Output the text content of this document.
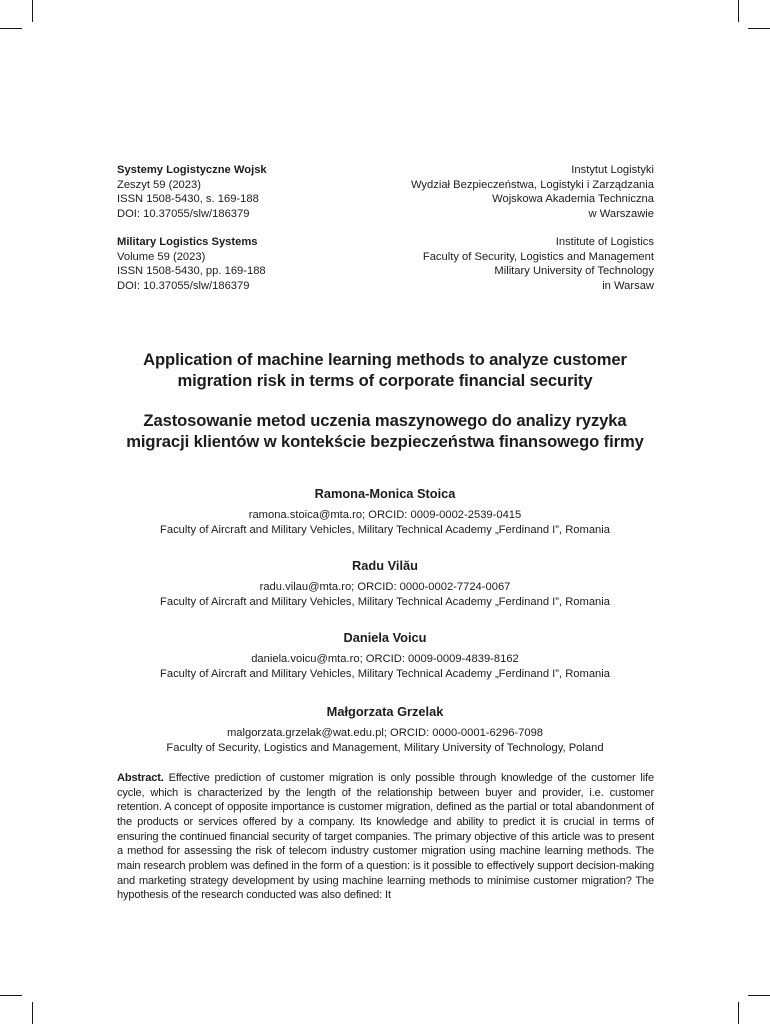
Systemy Logistyczne Wojsk
Zeszyt 59 (2023)
ISSN 1508-5430, s. 169-188
DOI: 10.37055/slw/186379
Instytut Logistyki
Wydział Bezpieczeństwa, Logistyki i Zarządzania
Wojskowa Akademia Techniczna
w Warszawie
Military Logistics Systems
Volume 59 (2023)
ISSN 1508-5430, pp. 169-188
DOI: 10.37055/slw/186379
Institute of Logistics
Faculty of Security, Logistics and Management
Military University of Technology
in Warsaw
Application of machine learning methods to analyze customer
migration risk in terms of corporate financial security
Zastosowanie metod uczenia maszynowego do analizy ryzyka
migracji klientów w kontekście bezpieczeństwa finansowego firmy
Ramona-Monica Stoica
ramona.stoica@mta.ro; ORCID: 0009-0002-2539-0415
Faculty of Aircraft and Military Vehicles, Military Technical Academy „Ferdinand I”, Romania
Radu Vilău
radu.vilau@mta.ro; ORCID: 0000-0002-7724-0067
Faculty of Aircraft and Military Vehicles, Military Technical Academy „Ferdinand I”, Romania
Daniela Voicu
daniela.voicu@mta.ro; ORCID: 0009-0009-4839-8162
Faculty of Aircraft and Military Vehicles, Military Technical Academy „Ferdinand I”, Romania
Małgorzata Grzelak
malgorzata.grzelak@wat.edu.pl; ORCID: 0000-0001-6296-7098
Faculty of Security, Logistics and Management, Military University of Technology, Poland
Abstract. Effective prediction of customer migration is only possible through knowledge of the customer life cycle, which is characterized by the length of the relationship between buyer and provider, i.e. customer retention. A concept of opposite importance is customer migration, defined as the partial or total abandonment of the products or services offered by a company. Its knowledge and ability to predict it is crucial in terms of ensuring the continued financial security of target companies. The primary objective of this article was to present a method for assessing the risk of telecom industry customer migration using machine learning methods. The main research problem was defined in the form of a question: is it possible to effectively support decision-making and marketing strategy development by using machine learning methods to minimise customer migration? The hypothesis of the research conducted was also defined: It
